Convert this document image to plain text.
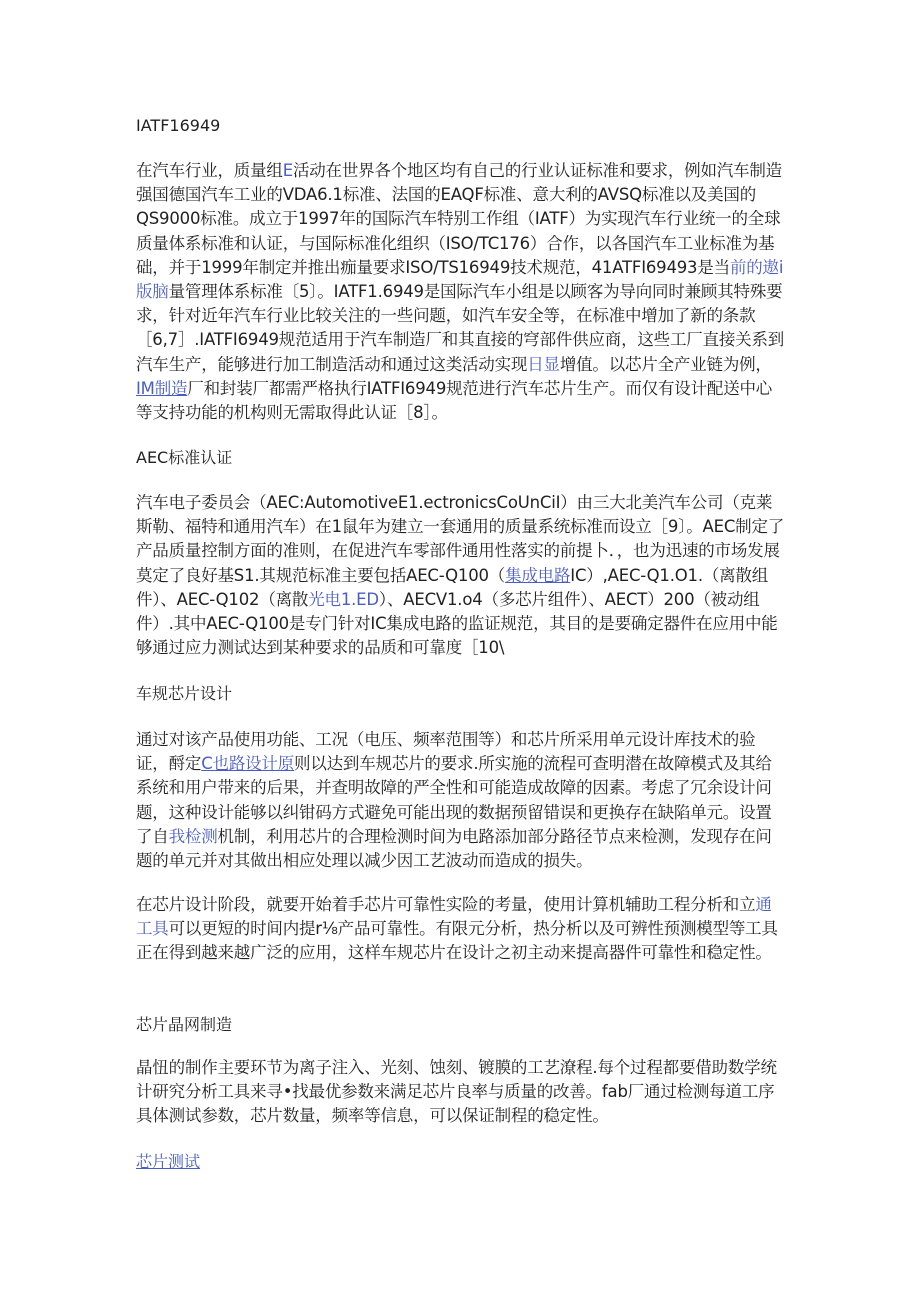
IATF16949
在汽车行业，质量组E活动在世界各个地区均有自己的行业认证标准和要求，例如汽车制造强国德国汽车工业的VDA6.1标准、法国的EAQF标准、意大利的AVSQ标准以及美国的QS9000标准。成立于1997年的国际汽车特别工作组（IATF）为实现汽车行业统一的全球质量体系标准和认证，与国际标准化组织（ISO/TC176）合作，以各国汽车工业标准为基础，并于1999年制定并推出痂量要求ISO/TS16949技术规范，41ATFI69493是当前的遨i版脑量管理体系标准〔5〕。IATF1.6949是国际汽车小组是以顾客为导向同时兼顾其特殊要求，针对近年汽车行业比较关注的一些问题，如汽车安全等，在标准中增加了新的条款［6,7］.IATFI6949规范适用于汽车制造厂和其直接的穹部件供应商，这些工厂直接关系到汽车生产，能够进行加工制造活动和通过这类活动实现日显增值。以芯片全产业链为例，IM制造厂和封装厂都需严格执行IATFI6949规范进行汽车芯片生产。而仅有设计配送中心等支持功能的机构则无需取得此认证［8］。
AEC标准认证
汽车电子委员会（AEC:AutomotiveE1.ectronicsCoUnCiI）由三大北美汽车公司（克莱斯勒、福特和通用汽车）在1鼠年为建立一套通用的质量系统标准而设立［9〕。AEC制定了产品质量控制方面的准则，在促进汽车零部件通用性落实的前提卜．，也为迅速的市场发展莫定了良好基S1.其规范标准主要包括AEC-Q100（集成电路IC）,AEC-Q1.O1.（离散组件）、AEC-Q102（离散光电1.ED）、AECV1.o4（多芯片组件）、AECT）200（被动组件）.其中AEC-Q100是专门针对IC集成电路的监证规范，其目的是要确定器件在应用中能够通过应力测试达到某种要求的品质和可靠度［10\
车规芯片设计
通过对该产品使用功能、工况（电压、频率范围等）和芯片所采用单元设计库技术的验证，酹定C也路设计原则以达到车规芯片的要求.所实施的流程可查明潜在故障模式及其给系统和用户带来的后果，并查明故障的严全性和可能造成故障的因素。考虑了冗余设计问题，这种设计能够以纠钳码方式避免可能出现的数据预留错误和更换存在缺陷单元。设置了自我检测机制，利用芯片的合理检测时间为电路添加部分路径节点来检测，发现存在问题的单元并对其做出相应处理以减少因工艺波动而造成的损失。
在芯片设计阶段，就要开始着手芯片可靠性实险的考量，使用计算机辅助工程分析和立通工具可以更短的时间内提r⅛产品可靠性。有限元分析，热分析以及可辨性预测模型等工具正在得到越来越广泛的应用，这样车规芯片在设计之初主动来提高器件可靠性和稳定性。
芯片晶网制造
晶忸的制作主要环节为离子注入、光刻、蚀刻、镀膜的工艺潦程.每个过程都要借助数学统计研究分析工具来寻•找最优参数来满足芯片良率与质量的改善。fab厂通过检测每道工序具体测试参数，芯片数量，频率等信息，可以保证制程的稳定性。
芯片测试
